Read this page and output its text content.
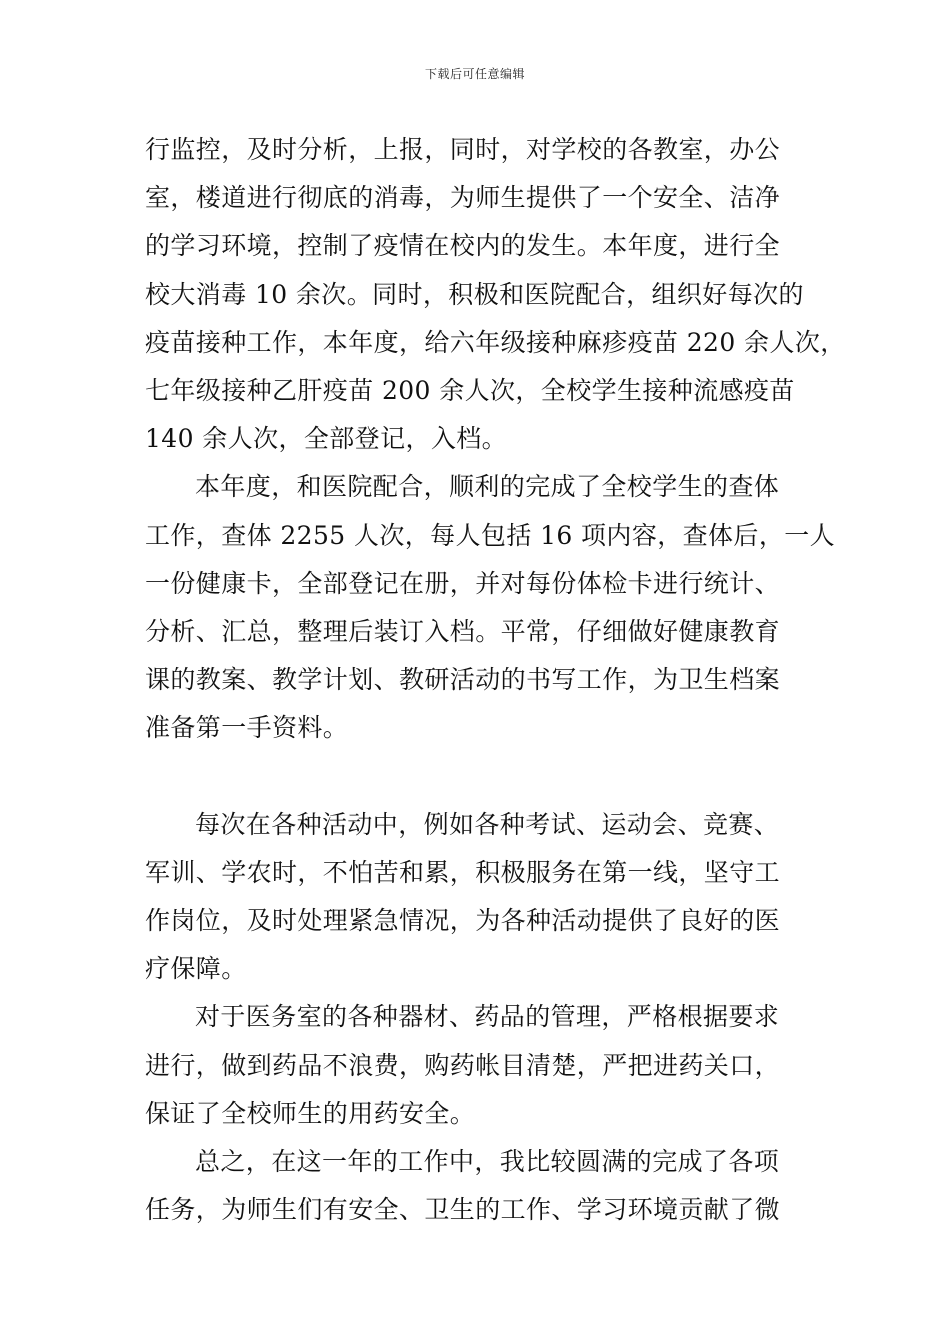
下载后可任意编辑
行监控，及时分析，上报，同时，对学校的各教室，办公
室，楼道进行彻底的消毒，为师生提供了一个安全、洁净
的学习环境，控制了疫情在校内的发生。本年度，进行全
校大消毒 10 余次。同时，积极和医院配合，组织好每次的
疫苗接种工作，本年度，给六年级接种麻疹疫苗 220 余人次，
七年级接种乙肝疫苗 200 余人次，全校学生接种流感疫苗
140 余人次，全部登记，入档。
本年度，和医院配合，顺利的完成了全校学生的查体
工作，查体 2255 人次，每人包括 16 项内容，查体后，一人
一份健康卡，全部登记在册，并对每份体检卡进行统计、
分析、汇总，整理后装订入档。平常，仔细做好健康教育
课的教案、教学计划、教研活动的书写工作，为卫生档案
准备第一手资料。
每次在各种活动中，例如各种考试、运动会、竞赛、
军训、学农时，不怕苦和累，积极服务在第一线，坚守工
作岗位，及时处理紧急情况，为各种活动提供了良好的医
疗保障。
对于医务室的各种器材、药品的管理，严格根据要求
进行，做到药品不浪费，购药帐目清楚，严把进药关口，
保证了全校师生的用药安全。
总之，在这一年的工作中，我比较圆满的完成了各项
任务，为师生们有安全、卫生的工作、学习环境贡献了微
